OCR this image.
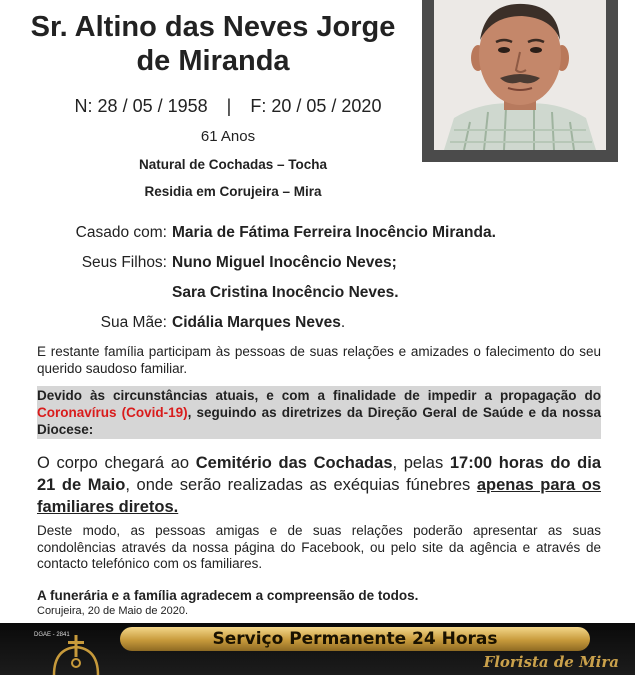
Sr. Altino das Neves Jorge
de Miranda
N: 28 / 05 / 1958 | F: 20 / 05 / 2020
61 Anos
Natural de Cochadas – Tocha
Residia em Corujeira – Mira
Casado com: Maria de Fátima Ferreira Inocêncio Miranda.
Seus Filhos: Nuno Miguel Inocêncio Neves;
Sara Cristina Inocêncio Neves.
Sua Mãe: Cidália Marques Neves.
E restante família participam às pessoas de suas relações e amizades o falecimento do seu querido saudoso familiar.
Devido às circunstâncias atuais, e com a finalidade de impedir a propagação do Coronavírus (Covid-19), seguindo as diretrizes da Direção Geral de Saúde e da nossa Diocese:
O corpo chegará ao Cemitério das Cochadas, pelas 17:00 horas do dia 21 de Maio, onde serão realizadas as exéquias fúnebres apenas para os familiares diretos.
Deste modo, as pessoas amigas e de suas relações poderão apresentar as suas condolências através da nossa página do Facebook, ou pelo site da agência e através de contacto telefónico com os familiares.
A funerária e a família agradecem a compreensão de todos.
Corujeira, 20 de Maio de 2020.
DGAE - 2841	Serviço Permanente 24 Horas
Florista de Mira
